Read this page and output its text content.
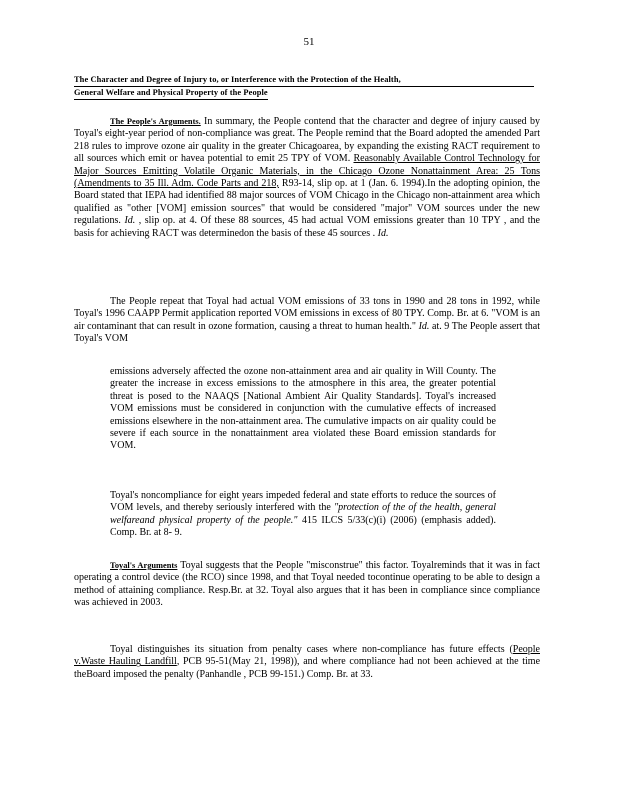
51
The Character and Degree of Injury to, or Interference with the Protection of the Health,
General Welfare and Physical Property of the People
The People's Arguments. In summary, the People contend that the character and degree of injury caused by Toyal's eight-year period of non-compliance was great. The People remind that the Board adopted the amended Part 218 rules to improve ozone air quality in the greater Chicagoarea, by expanding the existing RACT requirement to all sources which emit or havea potential to emit 25 TPY of VOM. Reasonably Available Control Technology for Major Sources Emitting Volatile Organic Materials, in the Chicago Ozone Nonattainment Area: 25 Tons (Amendments to 35 Ill. Adm. Code Parts and 218, R93-14, slip op. at 1 (Jan. 6. 1994).In the adopting opinion, the Board stated that IEPA had identified 88 major sources of VOM Chicago in the Chicago non-attainment area which qualified as "other [VOM] emission sources" that would be considered "major" VOM sources under the new regulations. Id. , slip op. at 4. Of these 88 sources, 45 had actual VOM emissions greater than 10 TPY , and the basis for achieving RACT was determinedon the basis of these 45 sources . Id.
The People repeat that Toyal had actual VOM emissions of 33 tons in 1990 and 28 tons in 1992, while Toyal's 1996 CAAPP Permit application reported VOM emissions in excess of 80 TPY. Comp. Br. at 6. "VOM is an air contaminant that can result in ozone formation, causing a threat to human health." Id. at. 9 The People assert that Toyal's VOM
emissions adversely affected the ozone non-attainment area and air quality in Will County. The greater the increase in excess emissions to the atmosphere in this area, the greater potential threat is posed to the NAAQS [National Ambient Air Quality Standards]. Toyal's increased VOM emissions must be considered in conjunction with the cumulative effects of increased emissions elsewhere in the non-attainment area. The cumulative impacts on air quality could be severe if each source in the nonattainment area violated these Board emission standards for VOM.
Toyal's noncompliance for eight years impeded federal and state efforts to reduce the sources of VOM levels, and thereby seriously interfered with the "protection of the of the health, general welfareand physical property of the people." 415 ILCS 5/33(c)(i) (2006) (emphasis added). Comp. Br. at 8- 9.
Toyal's Arguments Toyal suggests that the People "misconstrue" this factor. Toyalreminds that it was in fact operating a control device (the RCO) since 1998, and that Toyal needed tocontinue operating to be able to design a method of attaining compliance. Resp.Br. at 32. Toyal also argues that it has been in compliance since compliance was achieved in 2003.
Toyal distinguishes its situation from penalty cases where non-compliance has future effects (People v.Waste Hauling Landfill, PCB 95-51(May 21, 1998)), and where compliance had not been achieved at the time theBoard imposed the penalty (Panhandle , PCB 99-151.) Comp. Br. at 33.
